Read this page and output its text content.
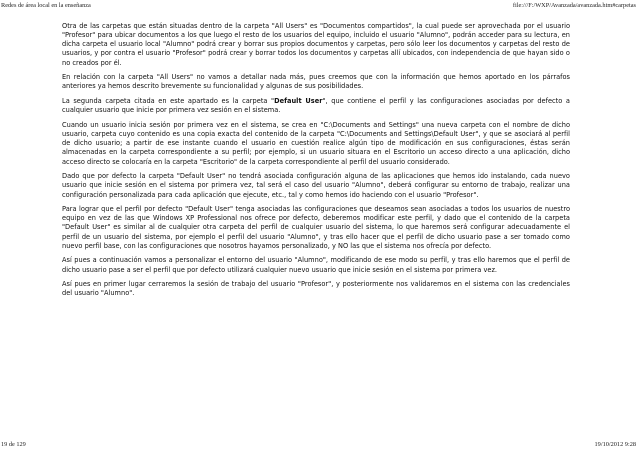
Redes de área local en la enseñanza	file:///F:/WXP/Avanzada/avanzada.htm#carpetas

Otra de las carpetas que están situadas dentro de la carpeta "All Users" es "Documentos compartidos", la cual puede ser aprovechada por el usuario "Profesor" para ubicar documentos a los que luego el resto de los usuarios del equipo, incluido el usuario "Alumno", podrán acceder para su lectura, en dicha carpeta el usuario local "Alumno" podrá crear y borrar sus propios documentos y carpetas, pero sólo leer los documentos y carpetas del resto de usuarios, y por contra el usuario "Profesor" podrá crear y borrar todos los documentos y carpetas allí ubicados, con independencia de que hayan sido o no creados por él.

En relación con la carpeta "All Users" no vamos a detallar nada más, pues creemos que con la información que hemos aportado en los párrafos anteriores ya hemos descrito brevemente su funcionalidad y algunas de sus posibilidades.

La segunda carpeta citada en este apartado es la carpeta "Default User", que contiene el perfil y las configuraciones asociadas por defecto a cualquier usuario que inicie por primera vez sesión en el sistema.

Cuando un usuario inicia sesión por primera vez en el sistema, se crea en "C:\Documents and Settings" una nueva carpeta con el nombre de dicho usuario, carpeta cuyo contenido es una copia exacta del contenido de la carpeta "C:\Documents and Settings\Default User", y que se asociará al perfil de dicho usuario; a partir de ese instante cuando el usuario en cuestión realice algún tipo de modificación en sus configuraciones, éstas serán almacenadas en la carpeta correspondiente a su perfil; por ejemplo, si un usuario situara en el Escritorio un acceso directo a una aplicación, dicho acceso directo se colocaría en la carpeta "Escritorio" de la carpeta correspondiente al perfil del usuario considerado.

Dado que por defecto la carpeta "Default User" no tendrá asociada configuración alguna de las aplicaciones que hemos ido instalando, cada nuevo usuario que inicie sesión en el sistema por primera vez, tal será el caso del usuario "Alumno", deberá configurar su entorno de trabajo, realizar una configuración personalizada para cada aplicación que ejecute, etc., tal y como hemos ido haciendo con el usuario "Profesor".

Para lograr que el perfil por defecto "Default User" tenga asociadas las configuraciones que deseamos sean asociadas a todos los usuarios de nuestro equipo en vez de las que Windows XP Professional nos ofrece por defecto, deberemos modificar este perfil, y dado que el contenido de la carpeta "Default User" es similar al de cualquier otra carpeta del perfil de cualquier usuario del sistema, lo que haremos será configurar adecuadamente el perfil de un usuario del sistema, por ejemplo el perfil del usuario "Alumno", y tras ello hacer que el perfil de dicho usuario pase a ser tomado como nuevo perfil base, con las configuraciones que nosotros hayamos personalizado, y NO las que el sistema nos ofrecía por defecto.

Así pues a continuación vamos a personalizar el entorno del usuario "Alumno", modificando de ese modo su perfil, y tras ello haremos que el perfil de dicho usuario pase a ser el perfil que por defecto utilizará cualquier nuevo usuario que inicie sesión en el sistema por primera vez.

Así pues en primer lugar cerraremos la sesión de trabajo del usuario "Profesor", y posteriormente nos validaremos en el sistema con las credenciales del usuario "Alumno".

19 de 129	19/10/2012 9:28
